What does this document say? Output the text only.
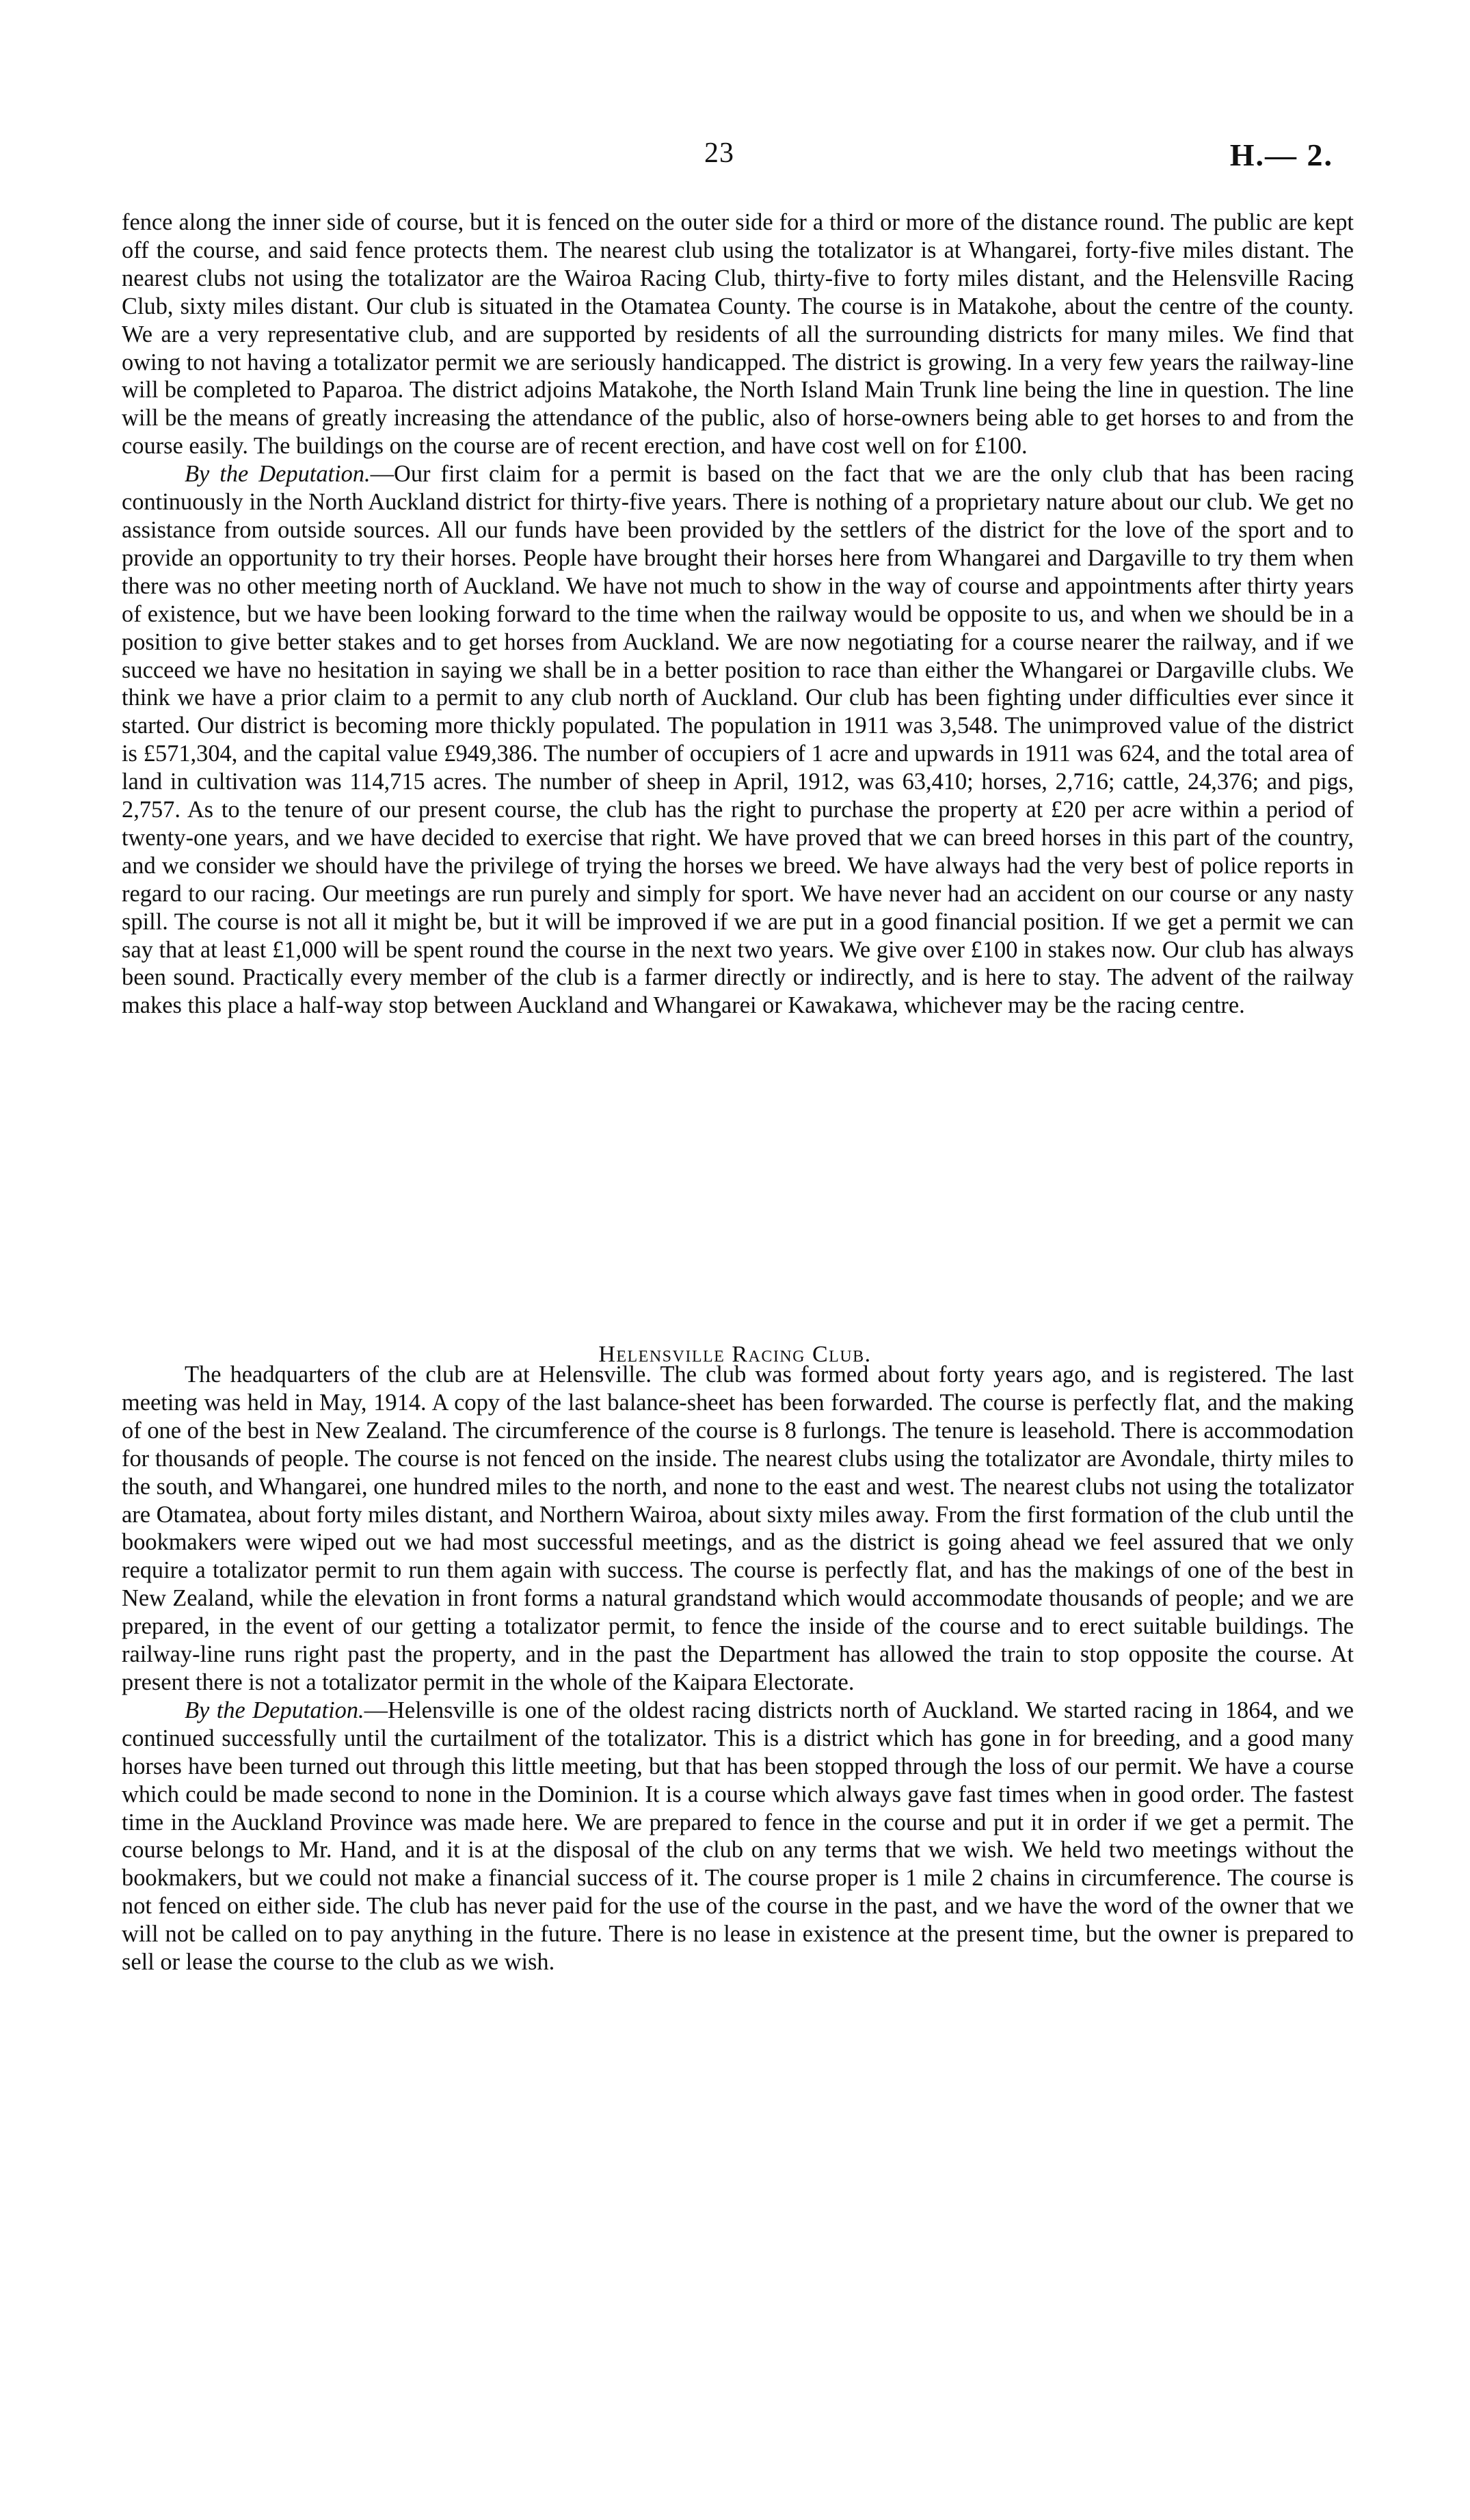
23	H.— 2.

fence along the inner side of course, but it is fenced on the outer side for a third or more of the distance round. The public are kept off the course, and said fence protects them. The nearest club using the totalizator is at Whangarei, forty-five miles distant. The nearest clubs not using the totalizator are the Wairoa Racing Club, thirty-five to forty miles distant, and the Helensville Racing Club, sixty miles distant. Our club is situated in the Otamatea County. The course is in Matakohe, about the centre of the county. We are a very representative club, and are supported by residents of all the surrounding districts for many miles. We find that owing to not having a totalizator permit we are seriously handicapped. The district is growing. In a very few years the railway-line will be completed to Paparoa. The district adjoins Matakohe, the North Island Main Trunk line being the line in question. The line will be the means of greatly increasing the attendance of the public, also of horse-owners being able to get horses to and from the course easily. The buildings on the course are of recent erection, and have cost well on for £100.

By the Deputation.—Our first claim for a permit is based on the fact that we are the only club that has been racing continuously in the North Auckland district for thirty-five years. There is nothing of a proprietary nature about our club. We get no assistance from outside sources. All our funds have been provided by the settlers of the district for the love of the sport and to provide an opportunity to try their horses. People have brought their horses here from Whangarei and Dargaville to try them when there was no other meeting north of Auckland. We have not much to show in the way of course and appointments after thirty years of existence, but we have been looking forward to the time when the railway would be opposite to us, and when we should be in a position to give better stakes and to get horses from Auckland. We are now negotiating for a course nearer the railway, and if we succeed we have no hesitation in saying we shall be in a better position to race than either the Whangarei or Dargaville clubs. We think we have a prior claim to a permit to any club north of Auckland. Our club has been fighting under difficulties ever since it started. Our district is becoming more thickly populated. The population in 1911 was 3,548. The unimproved value of the district is £571,304, and the capital value £949,386. The number of occupiers of 1 acre and upwards in 1911 was 624, and the total area of land in cultivation was 114,715 acres. The number of sheep in April, 1912, was 63,410; horses, 2,716; cattle, 24,376; and pigs, 2,757. As to the tenure of our present course, the club has the right to purchase the property at £20 per acre within a period of twenty-one years, and we have decided to exercise that right. We have proved that we can breed horses in this part of the country, and we consider we should have the privilege of trying the horses we breed. We have always had the very best of police reports in regard to our racing. Our meetings are run purely and simply for sport. We have never had an accident on our course or any nasty spill. The course is not all it might be, but it will be improved if we are put in a good financial position. If we get a permit we can say that at least £1,000 will be spent round the course in the next two years. We give over £100 in stakes now. Our club has always been sound. Practically every member of the club is a farmer directly or indirectly, and is here to stay. The advent of the railway makes this place a half-way stop between Auckland and Whangarei or Kawakawa, whichever may be the racing centre.

Helensville Racing Club.

The headquarters of the club are at Helensville. The club was formed about forty years ago, and is registered. The last meeting was held in May, 1914. A copy of the last balance-sheet has been forwarded. The course is perfectly flat, and the making of one of the best in New Zealand. The circumference of the course is 8 furlongs. The tenure is leasehold. There is accommodation for thousands of people. The course is not fenced on the inside. The nearest clubs using the totalizator are Avondale, thirty miles to the south, and Whangarei, one hundred miles to the north, and none to the east and west. The nearest clubs not using the totalizator are Otamatea, about forty miles distant, and Northern Wairoa, about sixty miles away. From the first formation of the club until the bookmakers were wiped out we had most successful meetings, and as the district is going ahead we feel assured that we only require a totalizator permit to run them again with success. The course is perfectly flat, and has the makings of one of the best in New Zealand, while the elevation in front forms a natural grandstand which would accommodate thousands of people; and we are prepared, in the event of our getting a totalizator permit, to fence the inside of the course and to erect suitable buildings. The railway-line runs right past the property, and in the past the Department has allowed the train to stop opposite the course. At present there is not a totalizator permit in the whole of the Kaipara Electorate.

By the Deputation.—Helensville is one of the oldest racing districts north of Auckland. We started racing in 1864, and we continued successfully until the curtailment of the totalizator. This is a district which has gone in for breeding, and a good many horses have been turned out through this little meeting, but that has been stopped through the loss of our permit. We have a course which could be made second to none in the Dominion. It is a course which always gave fast times when in good order. The fastest time in the Auckland Province was made here. We are prepared to fence in the course and put it in order if we get a permit. The course belongs to Mr. Hand, and it is at the disposal of the club on any terms that we wish. We held two meetings without the bookmakers, but we could not make a financial success of it. The course proper is 1 mile 2 chains in circumference. The course is not fenced on either side. The club has never paid for the use of the course in the past, and we have the word of the owner that we will not be called on to pay anything in the future. There is no lease in existence at the present time, but the owner is prepared to sell or lease the course to the club as we wish.
